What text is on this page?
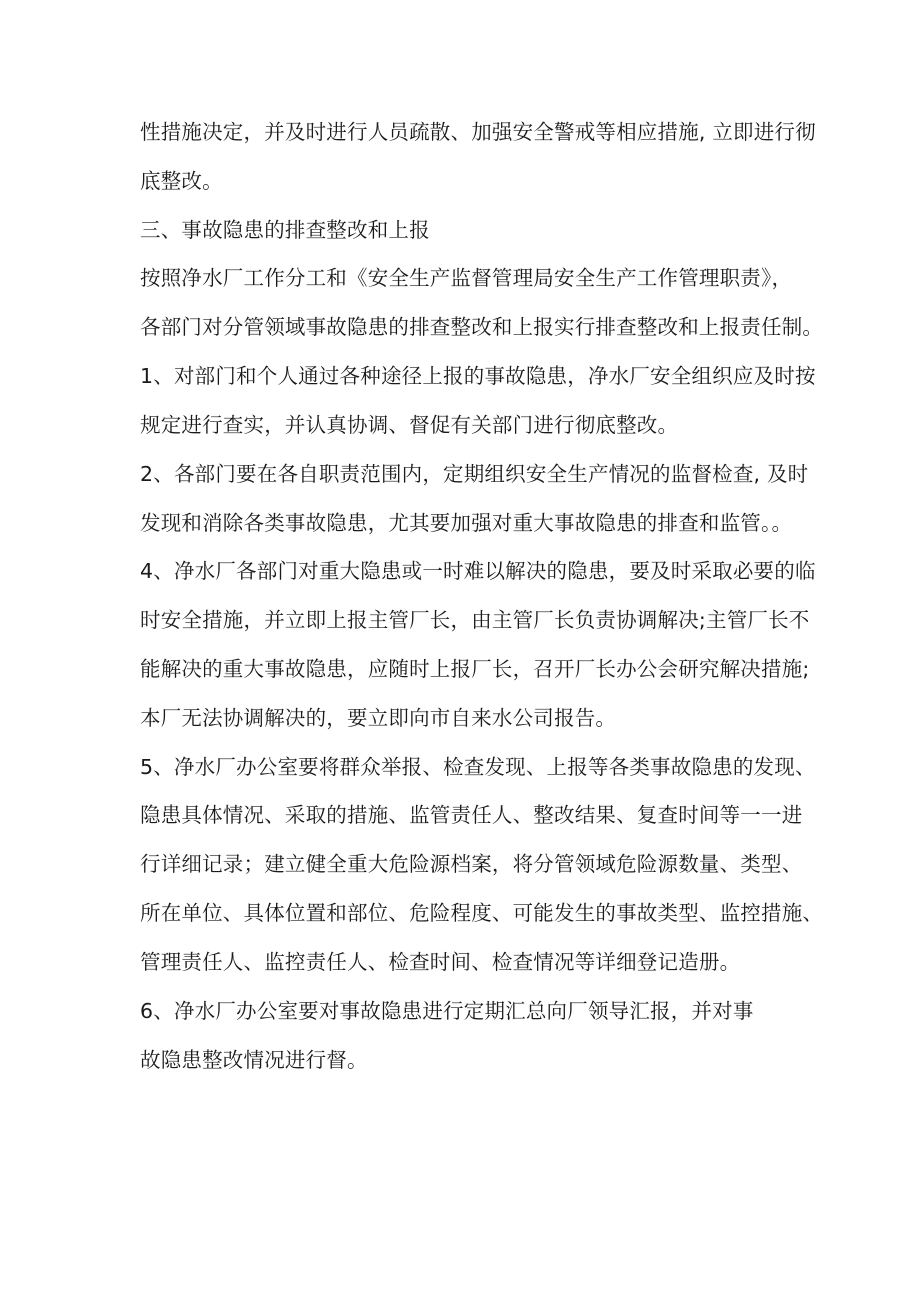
性措施决定，并及时进行人员疏散、加强安全警戒等相应措施, 立即进行彻
底整改。
三、事故隐患的排查整改和上报
按照净水厂工作分工和《安全生产监督管理局安全生产工作管理职责》，
各部门对分管领域事故隐患的排查整改和上报实行排查整改和上报责任制。
1、对部门和个人通过各种途径上报的事故隐患，净水厂安全组织应及时按
规定进行查实，并认真协调、督促有关部门进行彻底整改。
2、各部门要在各自职责范围内，定期组织安全生产情况的监督检查, 及时
发现和消除各类事故隐患，尤其要加强对重大事故隐患的排查和监管。。
4、净水厂各部门对重大隐患或一时难以解决的隐患，要及时采取必要的临
时安全措施，并立即上报主管厂长，由主管厂长负责协调解决;主管厂长不
能解决的重大事故隐患，应随时上报厂长，召开厂长办公会研究解决措施;
本厂无法协调解决的，要立即向市自来水公司报告。
5、净水厂办公室要将群众举报、检查发现、上报等各类事故隐患的发现、
隐患具体情况、采取的措施、监管责任人、整改结果、复查时间等一一进
行详细记录；建立健全重大危险源档案，将分管领域危险源数量、类型、
所在单位、具体位置和部位、危险程度、可能发生的事故类型、监控措施、
管理责任人、监控责任人、检查时间、检查情况等详细登记造册。
6、净水厂办公室要对事故隐患进行定期汇总向厂领导汇报，并对事
故隐患整改情况进行督。
